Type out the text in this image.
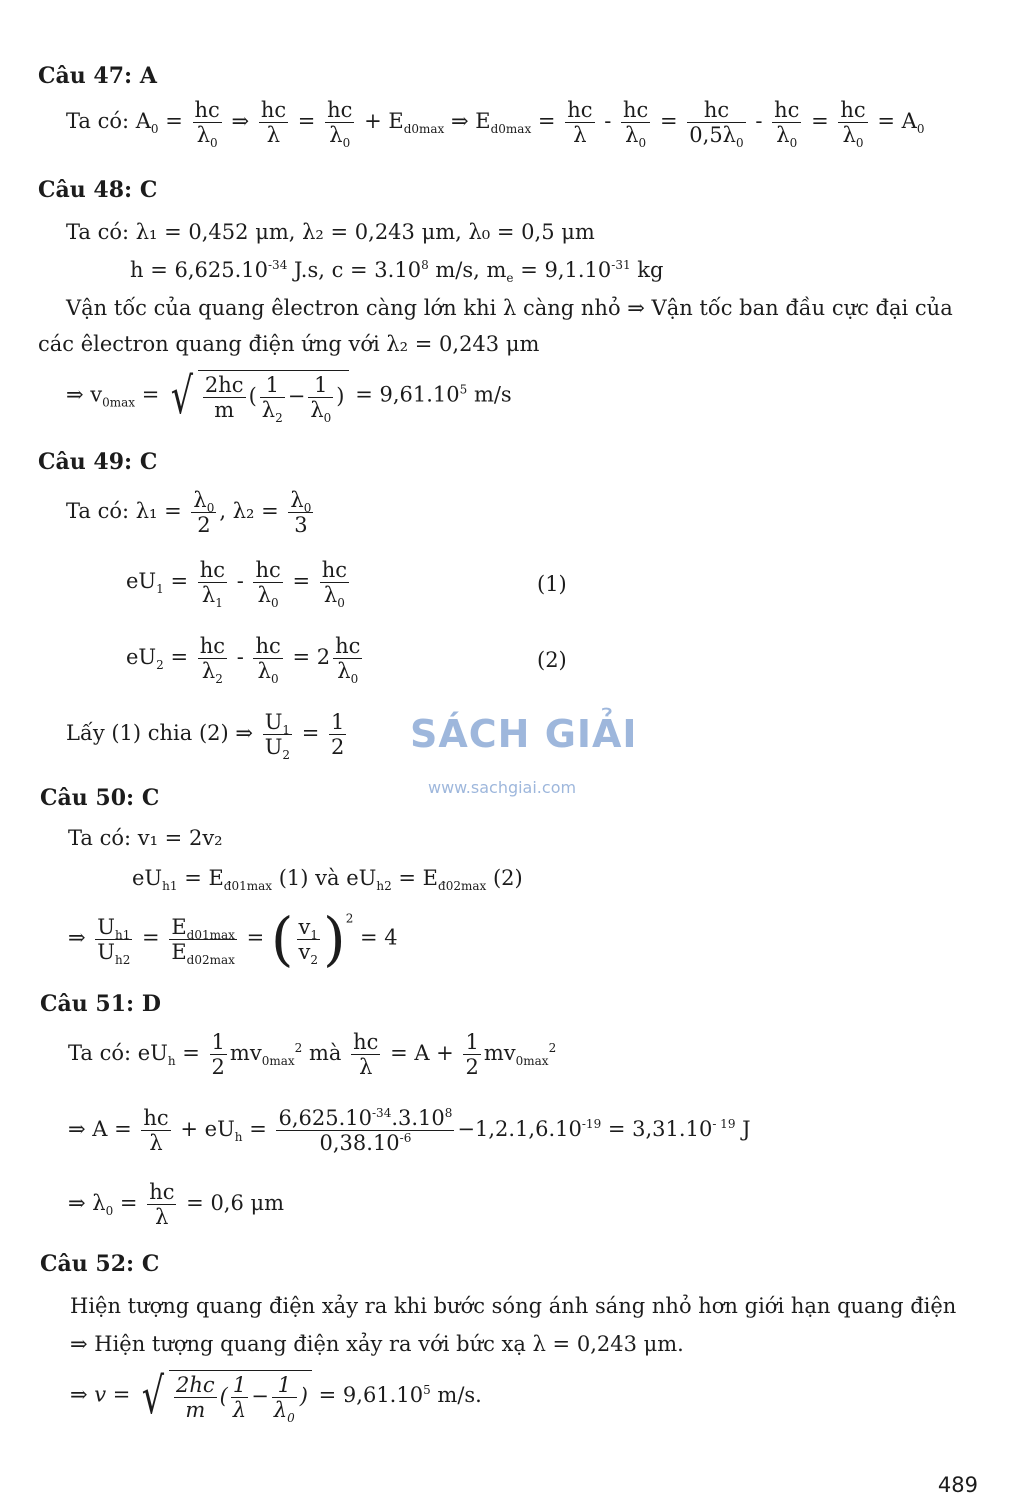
Câu 47: A
Ta có: $A_0 = \frac{hc}{\lambda_0}$ ⇒ $\frac{hc}{\lambda} = \frac{hc}{\lambda_0} + E_{d0max}$ ⇒ $E_{d0max} = \frac{hc}{\lambda} - \frac{hc}{\lambda_0} = \frac{hc}{0,5\lambda_0} - \frac{hc}{\lambda_0} = \frac{hc}{\lambda_0} = A_0$
Câu 48: C
Ta có: λ₁ = 0,452 μm, λ₂ = 0,243 μm, λ₀ = 0,5 μm
$h = 6,625.10^{-34}$ J.s, $c = 3.10^8$ m/s, $m_e = 9,1.10^{-31}$ kg
Vận tốc của quang êlectron càng lớn khi λ càng nhỏ ⇒ Vận tốc ban đầu cực đại của
các êlectron quang điện ứng với λ₂ = 0,243 μm
⇒ $v_{0max}$ = √ $\frac{2hc}{m}$ ( $\frac{1}{\lambda_2} - \frac{1}{\lambda_0}$ ) = $9,61.10^5$ m/s
Câu 49: C
Ta có: $\lambda_1 = \frac{\lambda_0}{2}$ , $\lambda_2 = \frac{\lambda_0}{3}$
$eU_1 = \frac{hc}{\lambda_1} - \frac{hc}{\lambda_0} = \frac{hc}{\lambda_0}$	(1)
$eU_2 = \frac{hc}{\lambda_2} - \frac{hc}{\lambda_0} = 2 \frac{hc}{\lambda_0}$	(2)
Lấy (1) chia (2) ⇒ $\frac{U_1}{U_2} = \frac{1}{2}$ SÁCH GIẢI
www.sachgiai.com
Câu 50: C
Ta có: v₁ = 2v₂
$eU_{h1} = E_{đ01max}$ (1) và $eU_{h2} = E_{đ02max}$ (2)
⇒ $\frac{U_{h1}}{U_{h2}} = E_{d01max}$
$E_{d02max}$
= ( $\frac{v_1}{v_2} )^2 = 4$
Câu 51: D
Ta có: $eU_h = \frac{1}{2} mv_{0max}^2$ mà $\frac{hc}{\lambda} = A + \frac{1}{2} mv_{0max}^2$
⇒ $A = \frac{hc}{\lambda} + eU_h = \frac{6,625.10^{-34}.3.10^8}{0,38.10^{-6}} -1,2.1,6.10^{-19} = 3,31.10^{- 19}$ J
⇒ $\lambda_0 = \frac{hc}{\lambda} = 0,6$ μm
Câu 52: C
Hiện tượng quang điện xảy ra khi bước sóng ánh sáng nhỏ hơn giới hạn quang điện
⇒ Hiện tượng quang điện xảy ra với bức xạ λ = 0,243 μm.
⇒ v = √ $\frac{2hc}{m}$ ( $\frac{1}{\lambda} - \frac{1}{\lambda_0}$ ) = $9,61.10^5$ m/s.
489
